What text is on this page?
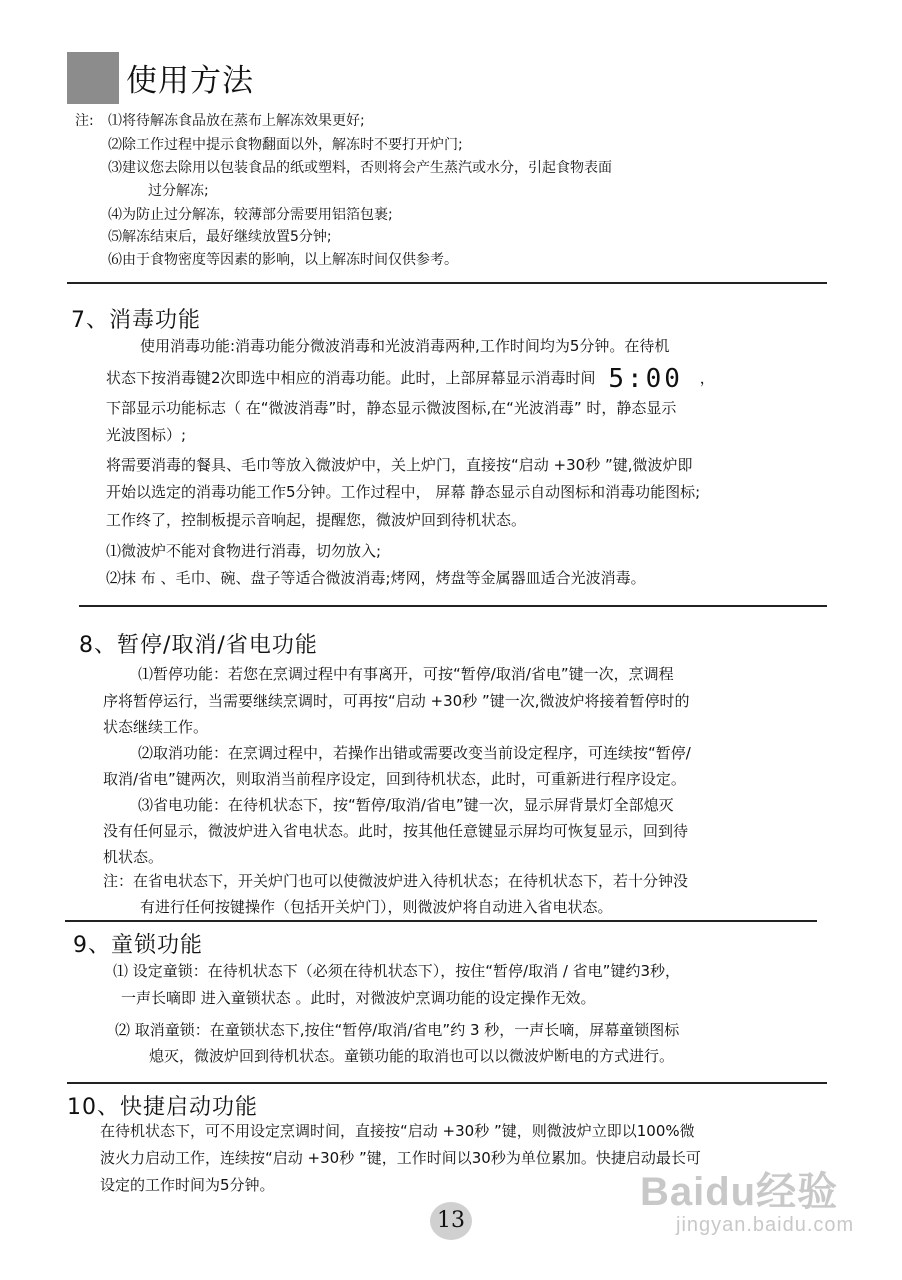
使用方法
注: ⑴将待解冻食品放在蒸布上解冻效果更好;
⑵除工作过程中提示食物翻面以外，解冻时不要打开炉门;
⑶建议您去除用以包装食品的纸或塑料，否则将会产生蒸汽或水分，引起食物表面
过分解冻;
⑷为防止过分解冻，较薄部分需要用铝箔包裹;
⑸解冻结束后，最好继续放置5分钟;
⑹由于食物密度等因素的影响，以上解冻时间仅供参考。
7、消毒功能
使用消毒功能:消毒功能分微波消毒和光波消毒两种,工作时间均为5分钟。在待机
状态下按消毒键2次即选中相应的消毒功能。此时，上部屏幕显示消毒时间 5:00 ，
下部显示功能标志（ 在“微波消毒”时，静态显示微波图标,在“光波消毒” 时，静态显示
光波图标）;
将需要消毒的餐具、毛巾等放入微波炉中，关上炉门，直接按“启动 +30秒 ”键,微波炉即
开始以选定的消毒功能工作5分钟。工作过程中， 屏幕 静态显示自动图标和消毒功能图标;
工作终了，控制板提示音响起，提醒您，微波炉回到待机状态。
⑴微波炉不能对食物进行消毒，切勿放入;
⑵抹 布 、毛巾、碗、盘子等适合微波消毒;烤网，烤盘等金属器皿适合光波消毒。
8、暂停/取消/省电功能
⑴暂停功能：若您在烹调过程中有事离开，可按“暂停/取消/省电”键一次，烹调程
序将暂停运行，当需要继续烹调时，可再按“启动 +30秒 ”键一次,微波炉将接着暂停时的
状态继续工作。
⑵取消功能：在烹调过程中，若操作出错或需要改变当前设定程序，可连续按“暂停/
取消/省电”键两次，则取消当前程序设定，回到待机状态，此时，可重新进行程序设定。
⑶省电功能：在待机状态下，按“暂停/取消/省电”键一次，显示屏背景灯全部熄灭
没有任何显示，微波炉进入省电状态。此时，按其他任意键显示屏均可恢复显示，回到待
机状态。
注：在省电状态下，开关炉门也可以使微波炉进入待机状态；在待机状态下，若十分钟没
有进行任何按键操作（包括开关炉门），则微波炉将自动进入省电状态。
9、童锁功能
⑴ 设定童锁：在待机状态下（必须在待机状态下），按住“暂停/取消 / 省电”键约3秒，
一声长嘀即 进入童锁状态 。此时，对微波炉烹调功能的设定操作无效。
⑵ 取消童锁：在童锁状态下,按住“暂停/取消/省电”约 3 秒，一声长嘀，屏幕童锁图标
熄灭，微波炉回到待机状态。童锁功能的取消也可以以微波炉断电的方式进行。
10、快捷启动功能
在待机状态下，可不用设定烹调时间，直接按“启动 +30秒 ”键，则微波炉立即以100%微
波火力启动工作，连续按“启动 +30秒 ”键，工作时间以30秒为单位累加。快捷启动最长可
设定的工作时间为5分钟。	Baidu经验
jingyan.baidu.com
13
